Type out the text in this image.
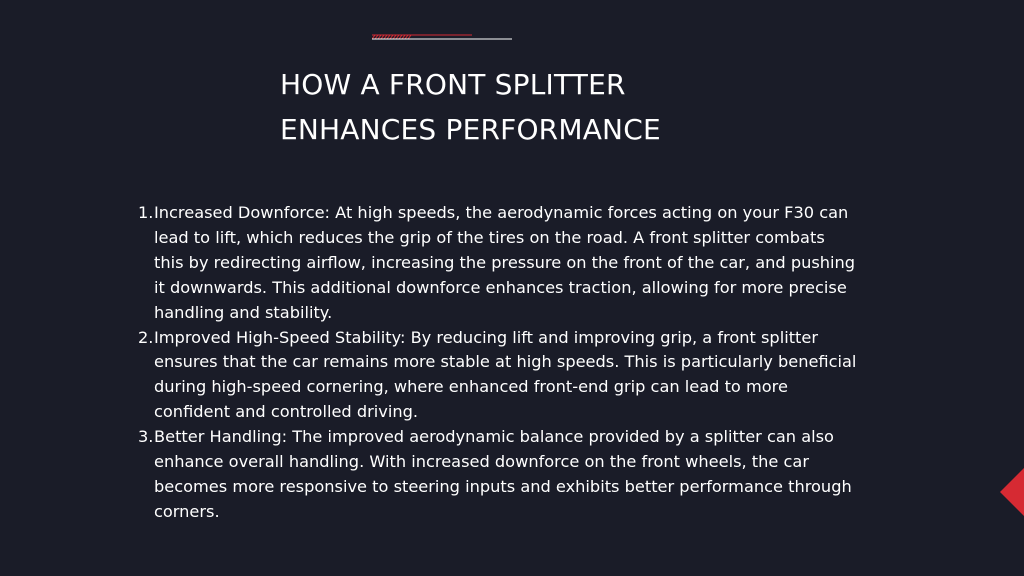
HOW A FRONT SPLITTER
ENHANCES PERFORMANCE
1. Increased Downforce: At high speeds, the aerodynamic forces acting on your F30 can lead to lift, which reduces the grip of the tires on the road. A front splitter combats this by redirecting airflow, increasing the pressure on the front of the car, and pushing it downwards. This additional downforce enhances traction, allowing for more precise handling and stability.
2. Improved High-Speed Stability: By reducing lift and improving grip, a front splitter ensures that the car remains more stable at high speeds. This is particularly beneficial during high-speed cornering, where enhanced front-end grip can lead to more confident and controlled driving.
3. Better Handling: The improved aerodynamic balance provided by a splitter can also enhance overall handling. With increased downforce on the front wheels, the car becomes more responsive to steering inputs and exhibits better performance through corners.
